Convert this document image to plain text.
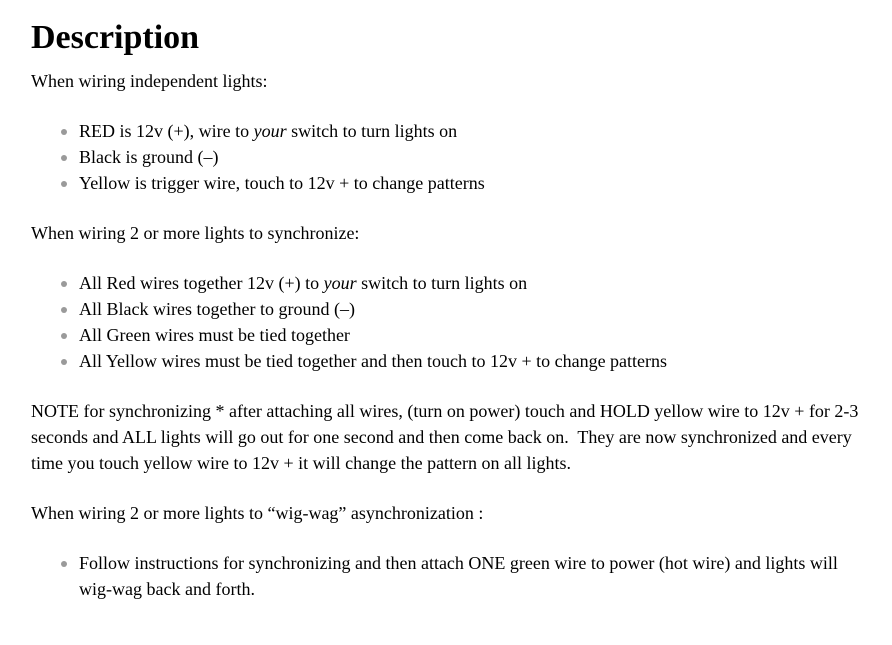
Description

When wiring independent lights:

RED is 12v (+), wire to your switch to turn lights on
Black is ground (–)
Yellow is trigger wire, touch to 12v + to change patterns

When wiring 2 or more lights to synchronize:

All Red wires together 12v (+) to your switch to turn lights on
All Black wires together to ground (–)
All Green wires must be tied together
All Yellow wires must be tied together and then touch to 12v + to change patterns

NOTE for synchronizing * after attaching all wires, (turn on power) touch and HOLD yellow wire to 12v + for 2-3 seconds and ALL lights will go out for one second and then come back on.  They are now synchronized and every time you touch yellow wire to 12v + it will change the pattern on all lights.

When wiring 2 or more lights to “wig-wag” asynchronization :

Follow instructions for synchronizing and then attach ONE green wire to power (hot wire) and lights will wig-wag back and forth.
